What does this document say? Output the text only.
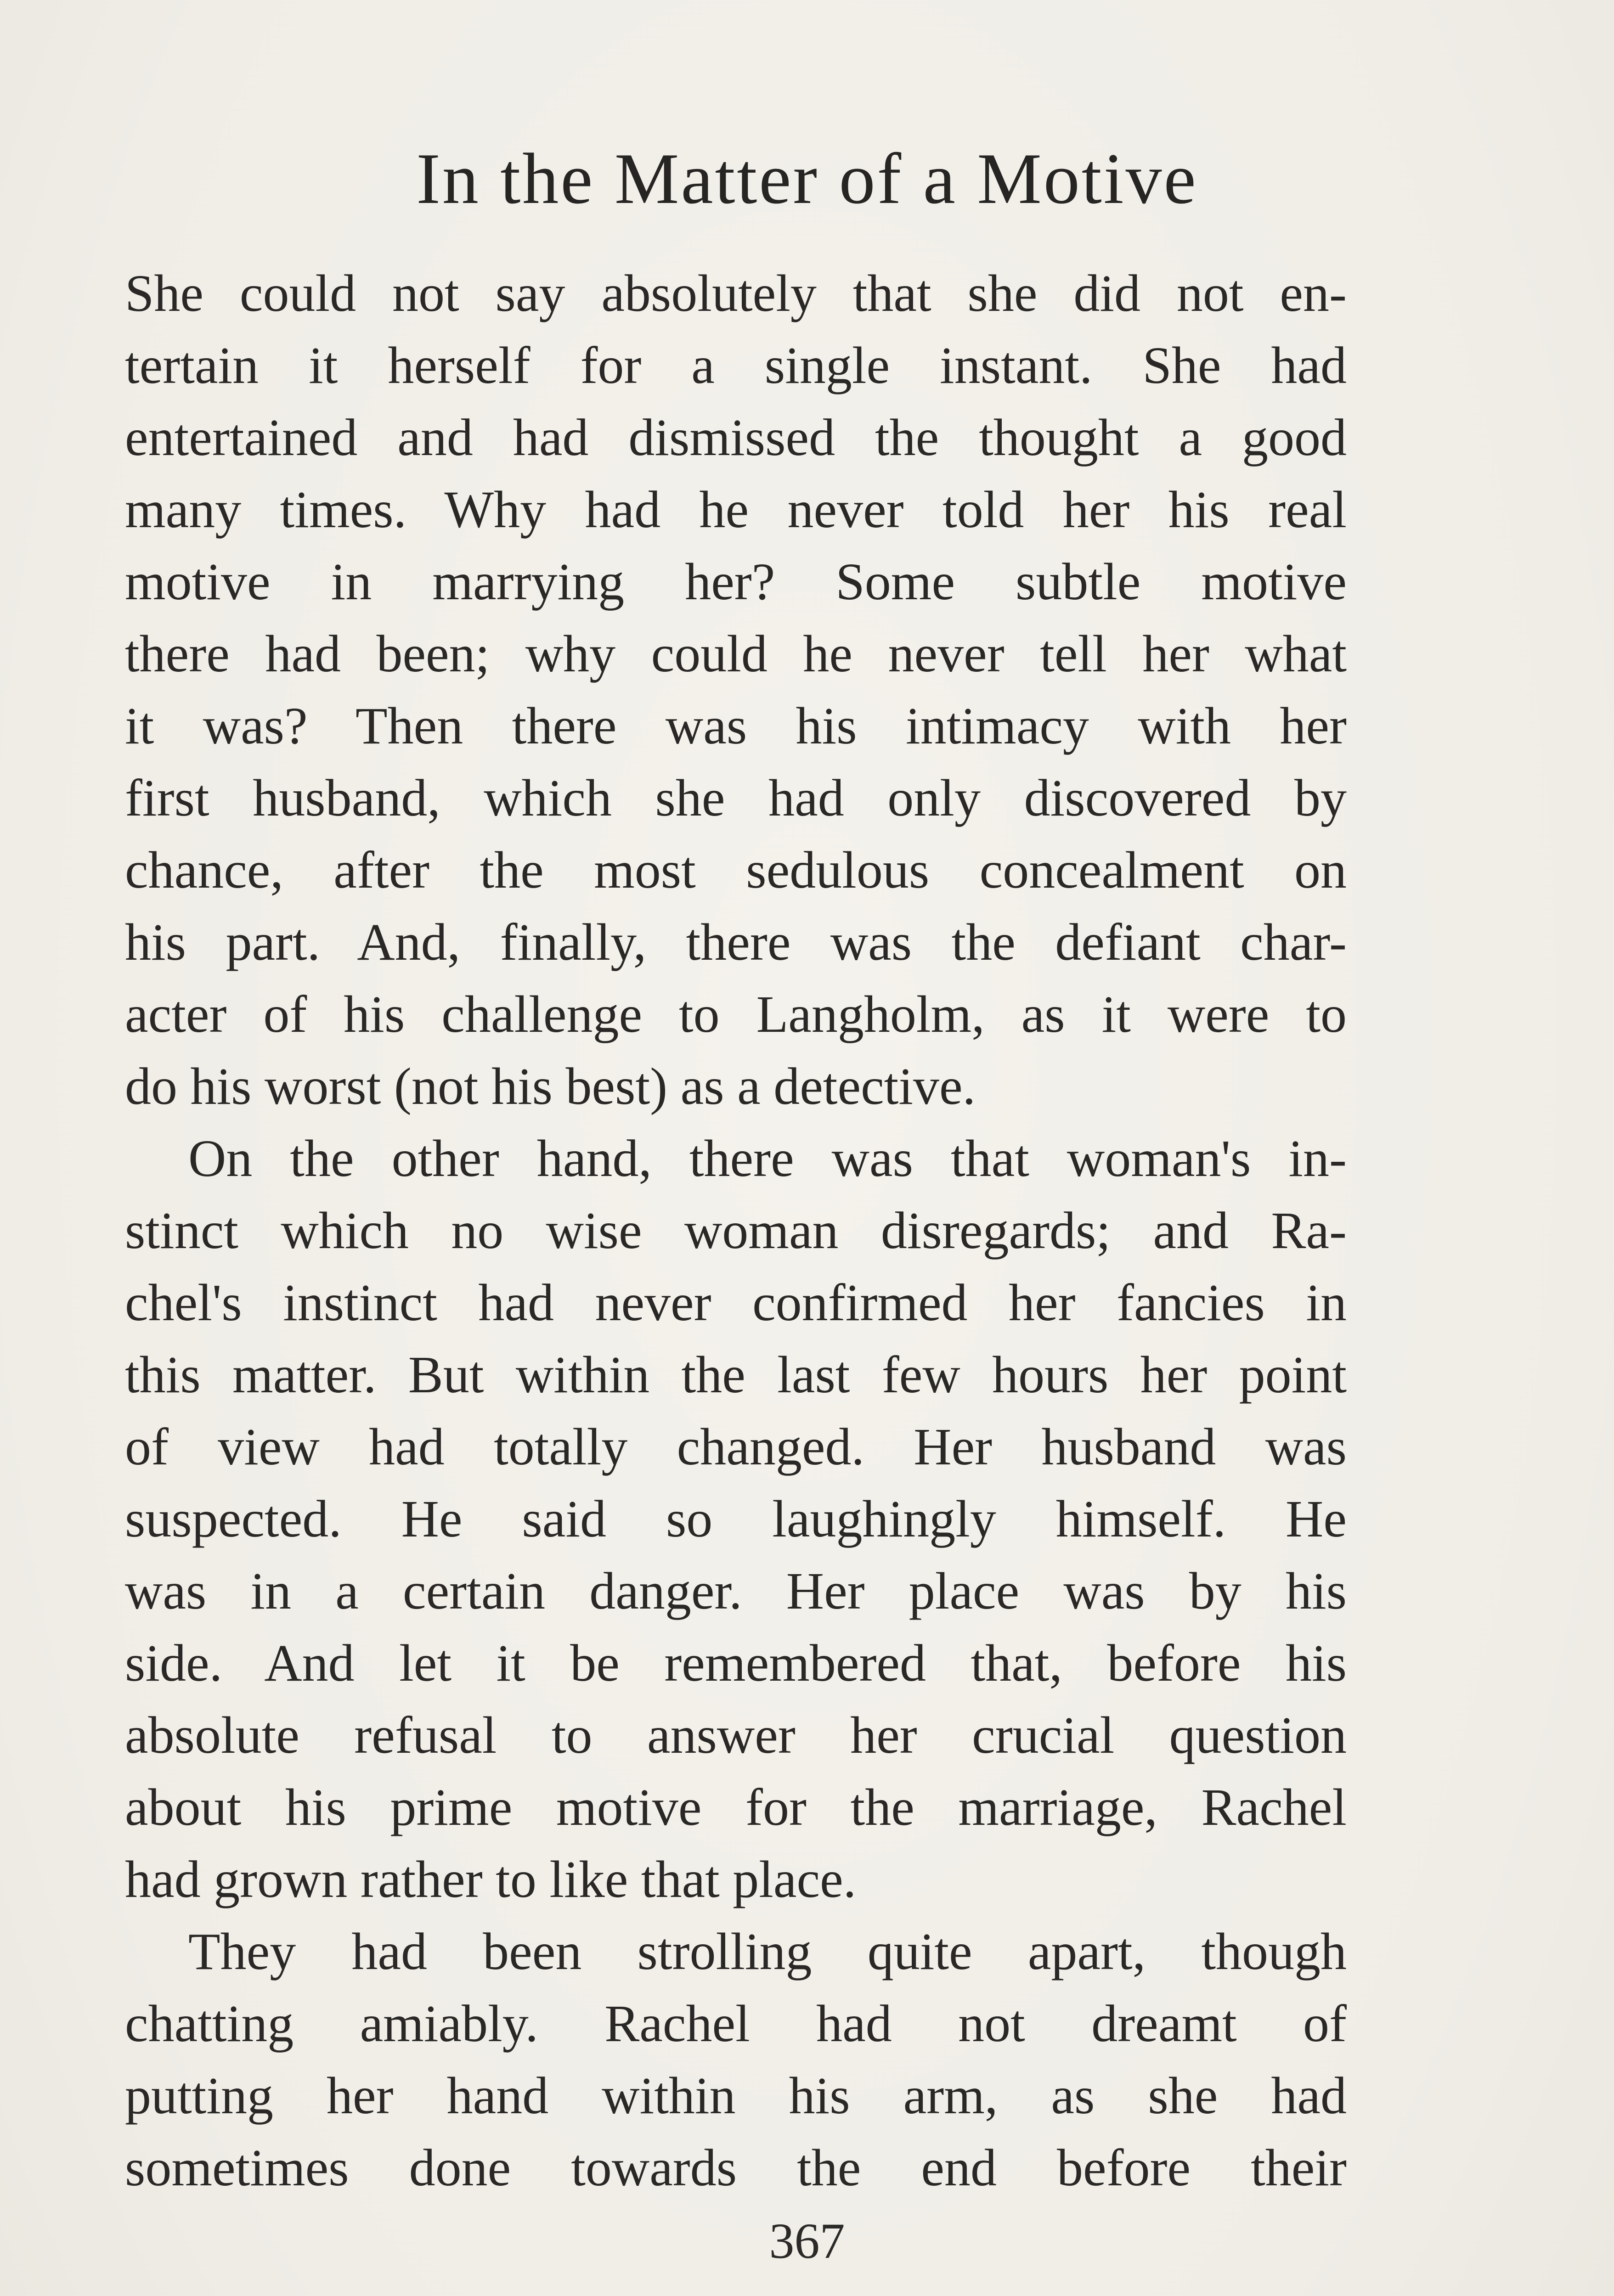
In the Matter of a Motive
She could not say absolutely that she did not en-
tertain it herself for a single instant. She had
entertained and had dismissed the thought a good
many times. Why had he never told her his real
motive in marrying her? Some subtle motive
there had been; why could he never tell her what
it was? Then there was his intimacy with her
first husband, which she had only discovered by
chance, after the most sedulous concealment on
his part. And, finally, there was the defiant char-
acter of his challenge to Langholm, as it were to
do his worst (not his best) as a detective.
On the other hand, there was that woman's in-
stinct which no wise woman disregards; and Ra-
chel's instinct had never confirmed her fancies in
this matter. But within the last few hours her point
of view had totally changed. Her husband was
suspected. He said so laughingly himself. He
was in a certain danger. Her place was by his
side. And let it be remembered that, before his
absolute refusal to answer her crucial question
about his prime motive for the marriage, Rachel
had grown rather to like that place.
They had been strolling quite apart, though
chatting amiably. Rachel had not dreamt of
putting her hand within his arm, as she had
sometimes done towards the end before their
367
